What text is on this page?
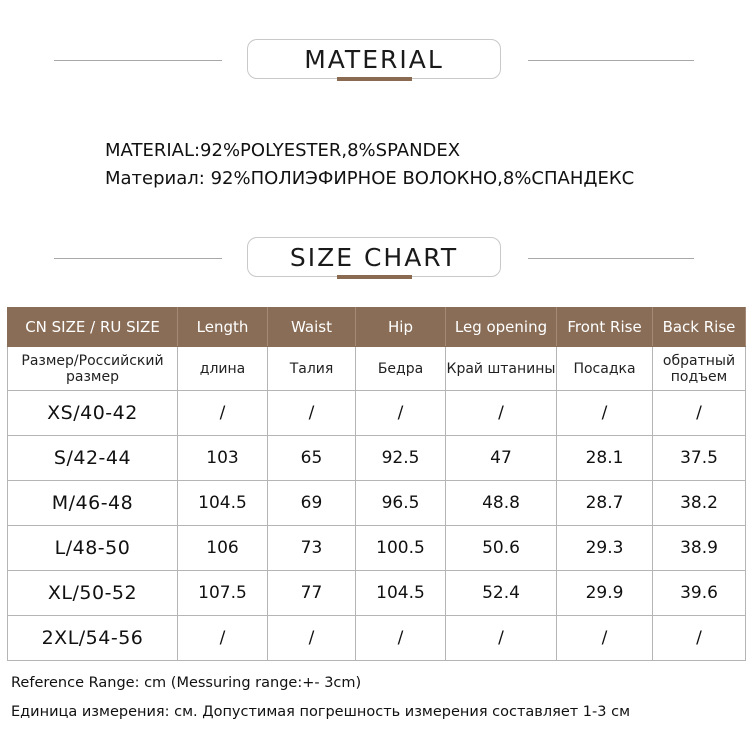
MATERIAL
MATERIAL:92%POLYESTER,8%SPANDEX
Материал: 92%ПОЛИЭФИРНОЕ ВОЛОКНО,8%СПАНДЕКС
SIZE CHART
CN SIZE / RU SIZE	Length	Waist	Hip	Leg opening	Front Rise	Back Rise
Размер/Российский размер	длина	Талия	Бедра	Край штанины	Посадка	обратный подъем
XS/40-42	/	/	/	/	/	/
S/42-44	103	65	92.5	47	28.1	37.5
M/46-48	104.5	69	96.5	48.8	28.7	38.2
L/48-50	106	73	100.5	50.6	29.3	38.9
XL/50-52	107.5	77	104.5	52.4	29.9	39.6
2XL/54-56	/	/	/	/	/	/
Reference Range: cm (Messuring range:+- 3cm)
Единица измерения: см. Допустимая погрешность измерения составляет 1-3 см
